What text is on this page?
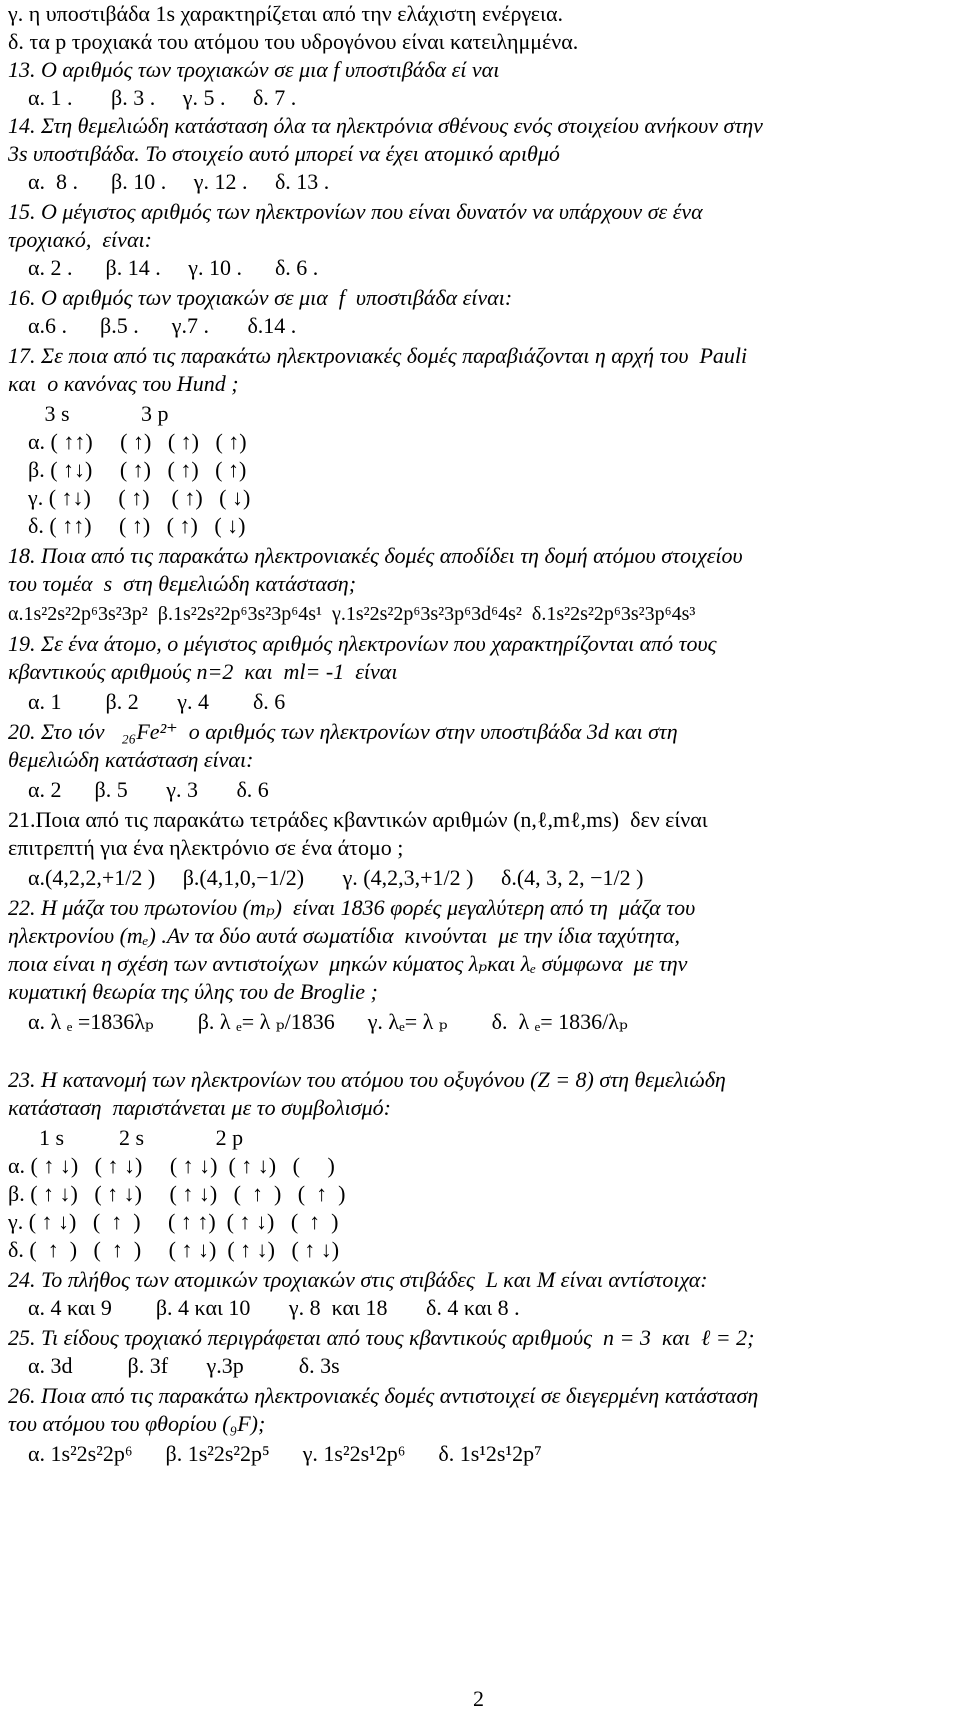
γ. η υποστιβάδα 1s χαρακτηρίζεται από την ελάχιστη ενέργεια.
δ. τα p τροχιακά του ατόμου του υδρογόνου είναι κατειλημμένα.
13. Ο αριθμός των τροχιακών σε μια f υποστιβάδα εί ναι
α. 1 .       β. 3 .     γ. 5 .     δ. 7 .
14. Στη θεμελιώδη κατάσταση όλα τα ηλεκτρόνια σθένους ενός στοιχείου ανήκουν στην
3s υποστιβάδα. Το στοιχείο αυτό μπορεί να έχει ατομικό αριθμό
α.  8 .      β. 10 .     γ. 12 .     δ. 13 .
15. Ο μέγιστος αριθμός των ηλεκτρονίων που είναι δυνατόν να υπάρχουν σε ένα
τροχιακό,  είναι:
α. 2 .      β. 14 .     γ. 10 .      δ. 6 .
16. Ο αριθμός των τροχιακών σε μια  f  υποστιβάδα είναι:
α.6 .      β.5 .      γ.7 .       δ.14 .
17. Σε ποια από τις παρακάτω ηλεκτρονιακές δομές παραβιάζονται η αρχή του  Pauli
και  ο κανόνας του Hund ;
3 s             3 p
α. ( ↑↑)     ( ↑)   ( ↑)   ( ↑)
β. ( ↑↓)     ( ↑)   ( ↑)   ( ↑)
γ. ( ↑↓)     ( ↑)    ( ↑)   ( ↓)
δ. ( ↑↑)     ( ↑)   ( ↑)   ( ↓)
18. Ποια από τις παρακάτω ηλεκτρονιακές δομές αποδίδει τη δομή ατόμου στοιχείου
του τομέα  s  στη θεμελιώδη κατάσταση;
α.1s²2s²2p⁶3s²3p²  β.1s²2s²2p⁶3s²3p⁶4s¹  γ.1s²2s²2p⁶3s²3p⁶3d⁶4s²  δ.1s²2s²2p⁶3s²3p⁶4s³
19. Σε ένα άτομο, ο μέγιστος αριθμός ηλεκτρονίων που χαρακτηρίζονται από τους
κβαντικούς αριθμούς n=2  και  ml= -1  είναι
α. 1        β. 2       γ. 4        δ. 6
20. Στο ιόν   ₂₆Fe²⁺  ο αριθμός των ηλεκτρονίων στην υποστιβάδα 3d και στη
θεμελιώδη κατάσταση είναι:
α. 2      β. 5       γ. 3       δ. 6
21.Ποια από τις παρακάτω τετράδες κβαντικών αριθμών (n,ℓ,mℓ,ms)  δεν είναι
επιτρεπτή για ένα ηλεκτρόνιο σε ένα άτομο ;
α.(4,2,2,+1/2 )     β.(4,1,0,−1/2)       γ. (4,2,3,+1/2 )     δ.(4, 3, 2, −1/2 )
22. Η μάζα του πρωτονίου (mₚ)  είναι 1836 φορές μεγαλύτερη από τη  μάζα του
ηλεκτρονίου (mₑ) .Αν τα δύο αυτά σωματίδια  κινούνται  με την ίδια ταχύτητα,
ποια είναι η σχέση των αντιστοίχων  μηκών κύματος λₚκαι λₑ σύμφωνα  με την
κυματική θεωρία της ύλης του de Broglie ;
α. λ ₑ =1836λₚ        β. λ ₑ= λ ₚ/1836      γ. λₑ= λ ₚ        δ.  λ ₑ= 1836/λₚ
23. Η κατανομή των ηλεκτρονίων του ατόμου του οξυγόνου (Ζ = 8) στη θεμελιώδη
κατάσταση  παριστάνεται με το συμβολισμό:
1 s          2 s             2 p
α. ( ↑ ↓)   ( ↑ ↓)     ( ↑ ↓)  ( ↑ ↓)   (     )
β. ( ↑ ↓)   ( ↑ ↓)     ( ↑ ↓)   (  ↑  )   (  ↑  )
γ. ( ↑ ↓)   (  ↑  )     ( ↑ ↑)  ( ↑ ↓)   (  ↑  )
δ. (  ↑  )   (  ↑  )     ( ↑ ↓)  ( ↑ ↓)   ( ↑ ↓)
24. Το πλήθος των ατομικών τροχιακών στις στιβάδες  L και M είναι αντίστοιχα:
α. 4 και 9        β. 4 και 10       γ. 8  και 18       δ. 4 και 8 .
25. Τι είδους τροχιακό περιγράφεται από τους κβαντικούς αριθμούς  n = 3  και  ℓ = 2;
α. 3d          β. 3f       γ.3p          δ. 3s
26. Ποια από τις παρακάτω ηλεκτρονιακές δομές αντιστοιχεί σε διεγερμένη κατάσταση
του ατόμου του φθορίου (₉F);
α. 1s²2s²2p⁶      β. 1s²2s²2p⁵      γ. 1s²2s¹2p⁶      δ. 1s¹2s¹2p⁷
2
